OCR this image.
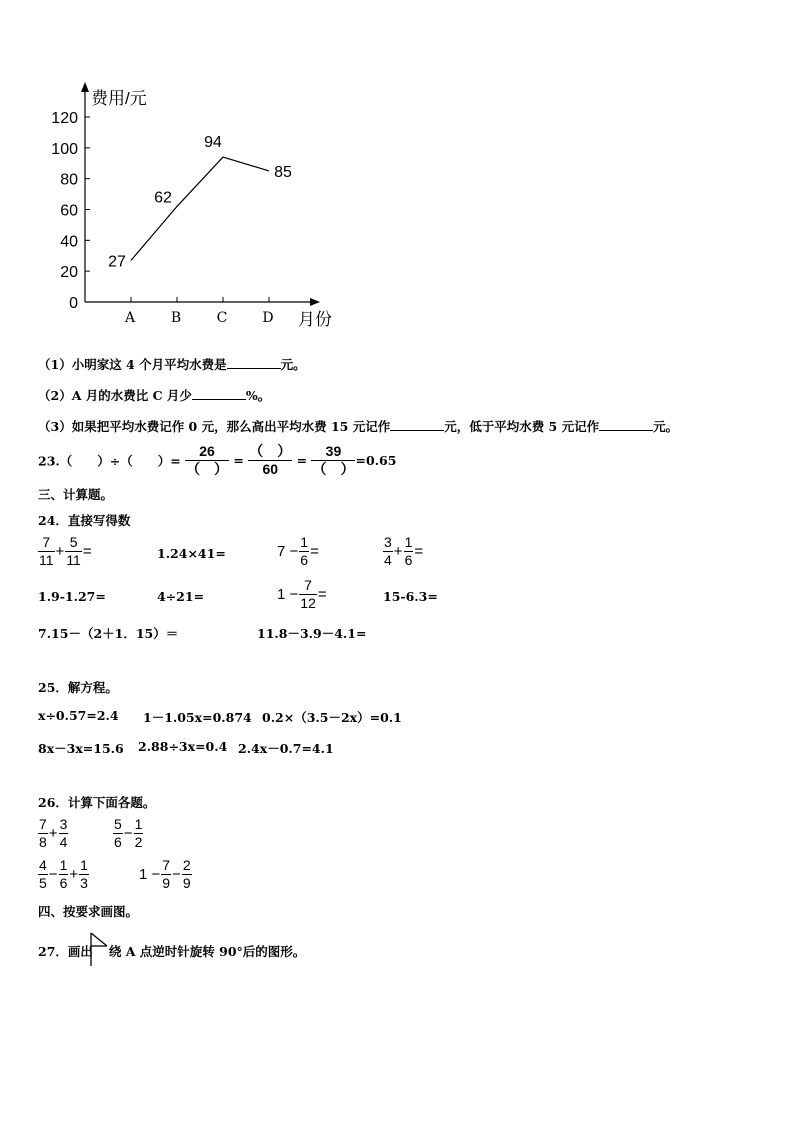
0
20
40
60
80
100
120
A	B	C	D
27
62
94
85
费用/元
月份
（1）小明家这 4 个月平均水费是	元。
（2）A 月的水费比 C 月少	%。
（3）如果把平均水费记作 0 元，那么高出平均水费 15 元记作	元，低于平均水费 5 元记作	元。
23.（　　）÷（　　）= $\frac{26}{( )} = \frac{( )}{60} = \frac{39}{( )} =0.65$
三、计算题。
24．直接写得数
$\frac{7}{11} + \frac{5}{11}$ =	1.24×41=	$7 - \frac{1}{6}$ =	$\frac{3}{4} + \frac{1}{6}$ =
1.9-1.27=	4÷21=	$1 - \frac{7}{12}$ =	15-6.3=
7.15－（2＋1．15）＝	11.8－3.9－4.1=
25．解方程。
x÷0.57=2.4 1－1.05x=0.874 0.2×（3.5－2x）=0.1
8x－3x=15.6 2.88÷3x=0.4 2.4x－0.7=4.1
26．计算下面各题。
$\frac{7}{8} + \frac{3}{4}$	$\frac{5}{6} - \frac{1}{2}$
$\frac{4}{5} - \frac{1}{6} + \frac{1}{3}$	$1 - \frac{7}{9} - \frac{2}{9}$
四、按要求画图。
27．画出 绕 A 点逆时针旋转 90°后的图形。
